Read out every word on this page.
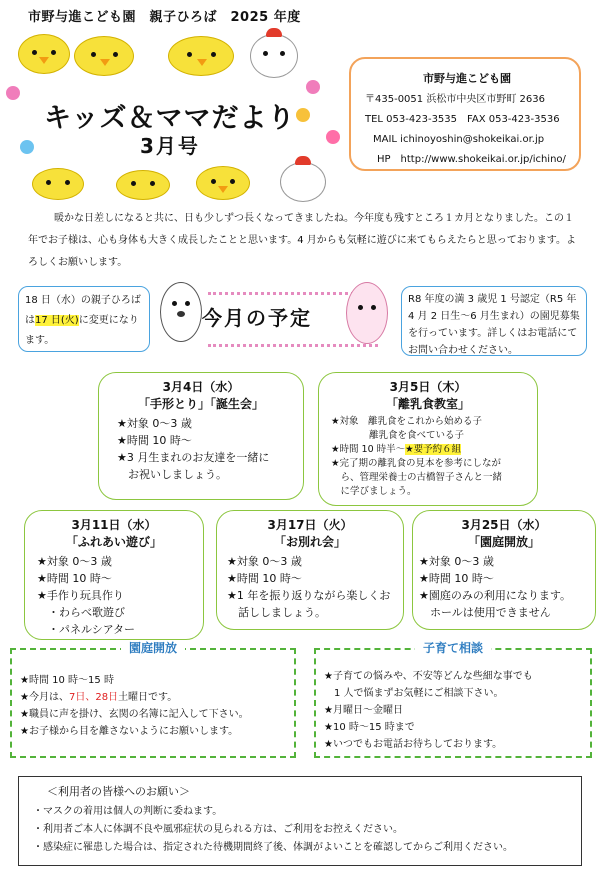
市野与進こども園　親子ひろば　2025 年度
キッズ＆ママだより
3月号
市野与進こども園
〒435-0051 浜松市中央区市野町 2636
TEL 053-423-3535　FAX 053-423-3536
MAIL ichinoyoshin@shokeikai.or.jp
HP　http://www.shokeikai.or.jp/ichino/
暖かな日差しになると共に、日も少しずつ長くなってきましたね。今年度も残すところ１カ月となりました。この１年でお子様は、心も身体も大きく成長したことと思います。4 月からも気軽に遊びに来てもらえたらと思っております。よろしくお願いします。
18 日（水）の親子ひろばは17 日(火)に変更になります。
今月の予定
R8 年度の満 3 歳児 1 号認定（R5 年 4 月 2 日生～6 月生まれ）の園児募集を行っています。詳しくはお電話にてお問い合わせください。
3月4日（水）
「手形とり」「誕生会」
★対象 0～3 歳
★時間 10 時～
★3 月生まれのお友達を一緒に
　お祝いしましょう。
3月5日（木）
「離乳食教室」
★対象　離乳食をこれから始める子
　　　　離乳食を食べている子
★時間 10 時半～★要予約６組
★完了期の離乳食の見本を参考にしなが
　ら、管理栄養士の古橋智子さんと一緒
　に学びましょう。
3月11日（水）
「ふれあい遊び」
★対象 0～3 歳
★時間 10 時～
★手作り玩具作り
　・わらべ歌遊び
　・パネルシアター
3月17日（火）
「お別れ会」
★対象 0～3 歳
★時間 10 時～
★1 年を振り返りながら楽しくお
　話ししましょう。
3月25日（水）
「園庭開放」
★対象 0～3 歳
★時間 10 時～
★園庭のみの利用になります。
　ホールは使用できません
園庭開放
★時間 10 時～15 時
★今月は、7日、28日土曜日です。
★職員に声を掛け、玄関の名簿に記入して下さい。
★お子様から目を離さないようにお願いします。
子育て相談
★子育ての悩みや、不安等どんな些細な事でも
　1 人で悩まずお気軽にご相談下さい。
★月曜日～金曜日
★10 時～15 時まで
★いつでもお電話お待ちしております。
＜利用者の皆様へのお願い＞
・マスクの着用は個人の判断に委ねます。
・利用者ご本人に体調不良や風邪症状の見られる方は、ご利用をお控えください。
・感染症に罹患した場合は、指定された待機期間終了後、体調がよいことを確認してからご利用ください。
